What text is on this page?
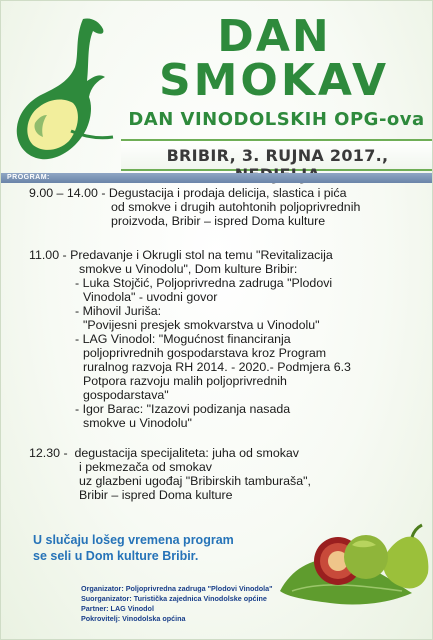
DAN
SMOKAV
DAN VINODOLSKIH OPG-ova
BRIBIR, 3. RUJNA 2017.,
PROGRAM:
9.00 – 14.00 - Degustacija i prodaja delicija, slastica i pića
od smokve i drugih autohtonih poljoprivrednih
proizvoda, Bribir – ispred Doma kulture
11.00 - Predavanje i Okrugli stol na temu "Revitalizacija
smokve u Vinodolu", Dom kulture Bribir:
- Luka Stojčić, Poljoprivredna zadruga "Plodovi
Vinodola" - uvodni govor
- Mihovil Juriša:
"Povijesni presjek smokvarstva u Vinodolu"
- LAG Vinodol: "Mogućnost financiranja
poljoprivrednih gospodarstava kroz Program
ruralnog razvoja RH 2014. - 2020.- Podmjera 6.3
Potpora razvoju malih poljoprivrednih
gospodarstava"
- Igor Barac: "Izazovi podizanja nasada
smokve u Vinodolu"
12.30 -  degustacija specijaliteta: juha od smokav
i pekmezača od smokav
uz glazbeni ugođaj "Bribirskih tamburaša",
Bribir – ispred Doma kulture
U slučaju lošeg vremena program
se seli u Dom kulture Bribir.
Organizator: Poljoprivredna zadruga "Plodovi Vinodola"
Suorganizator: Turistička zajednica Vinodolske općine
Partner: LAG Vinodol
Pokrovitelj: Vinodolska općina
